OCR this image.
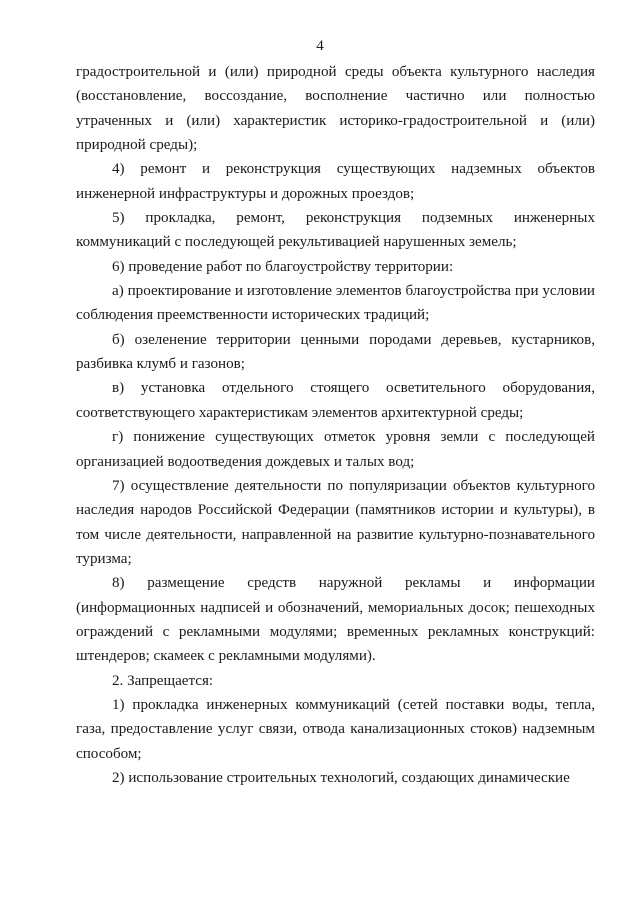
4

градостроительной и (или) природной среды объекта культурного наследия (восстановление, воссоздание, восполнение частично или полностью утраченных и (или) характеристик историко-градостроительной и (или) природной среды);

4) ремонт и реконструкция существующих надземных объектов инженерной инфраструктуры и дорожных проездов;

5) прокладка, ремонт, реконструкция подземных инженерных коммуникаций с последующей рекультивацией нарушенных земель;

6) проведение работ по благоустройству территории:

а) проектирование и изготовление элементов благоустройства при условии соблюдения преемственности исторических традиций;

б) озеленение территории ценными породами деревьев, кустарников, разбивка клумб и газонов;

в) установка отдельного стоящего осветительного оборудования, соответствующего характеристикам элементов архитектурной среды;

г) понижение существующих отметок уровня земли с последующей организацией водоотведения дождевых и талых вод;

7) осуществление деятельности по популяризации объектов культурного наследия народов Российской Федерации (памятников истории и культуры), в том числе деятельности, направленной на развитие культурно-познавательного туризма;

8) размещение средств наружной рекламы и информации (информационных надписей и обозначений, мемориальных досок; пешеходных ограждений с рекламными модулями; временных рекламных конструкций: штендеров; скамеек с рекламными модулями).

2. Запрещается:

1) прокладка инженерных коммуникаций (сетей поставки воды, тепла, газа, предоставление услуг связи, отвода канализационных стоков) надземным способом;

2) использование строительных технологий, создающих динамические
